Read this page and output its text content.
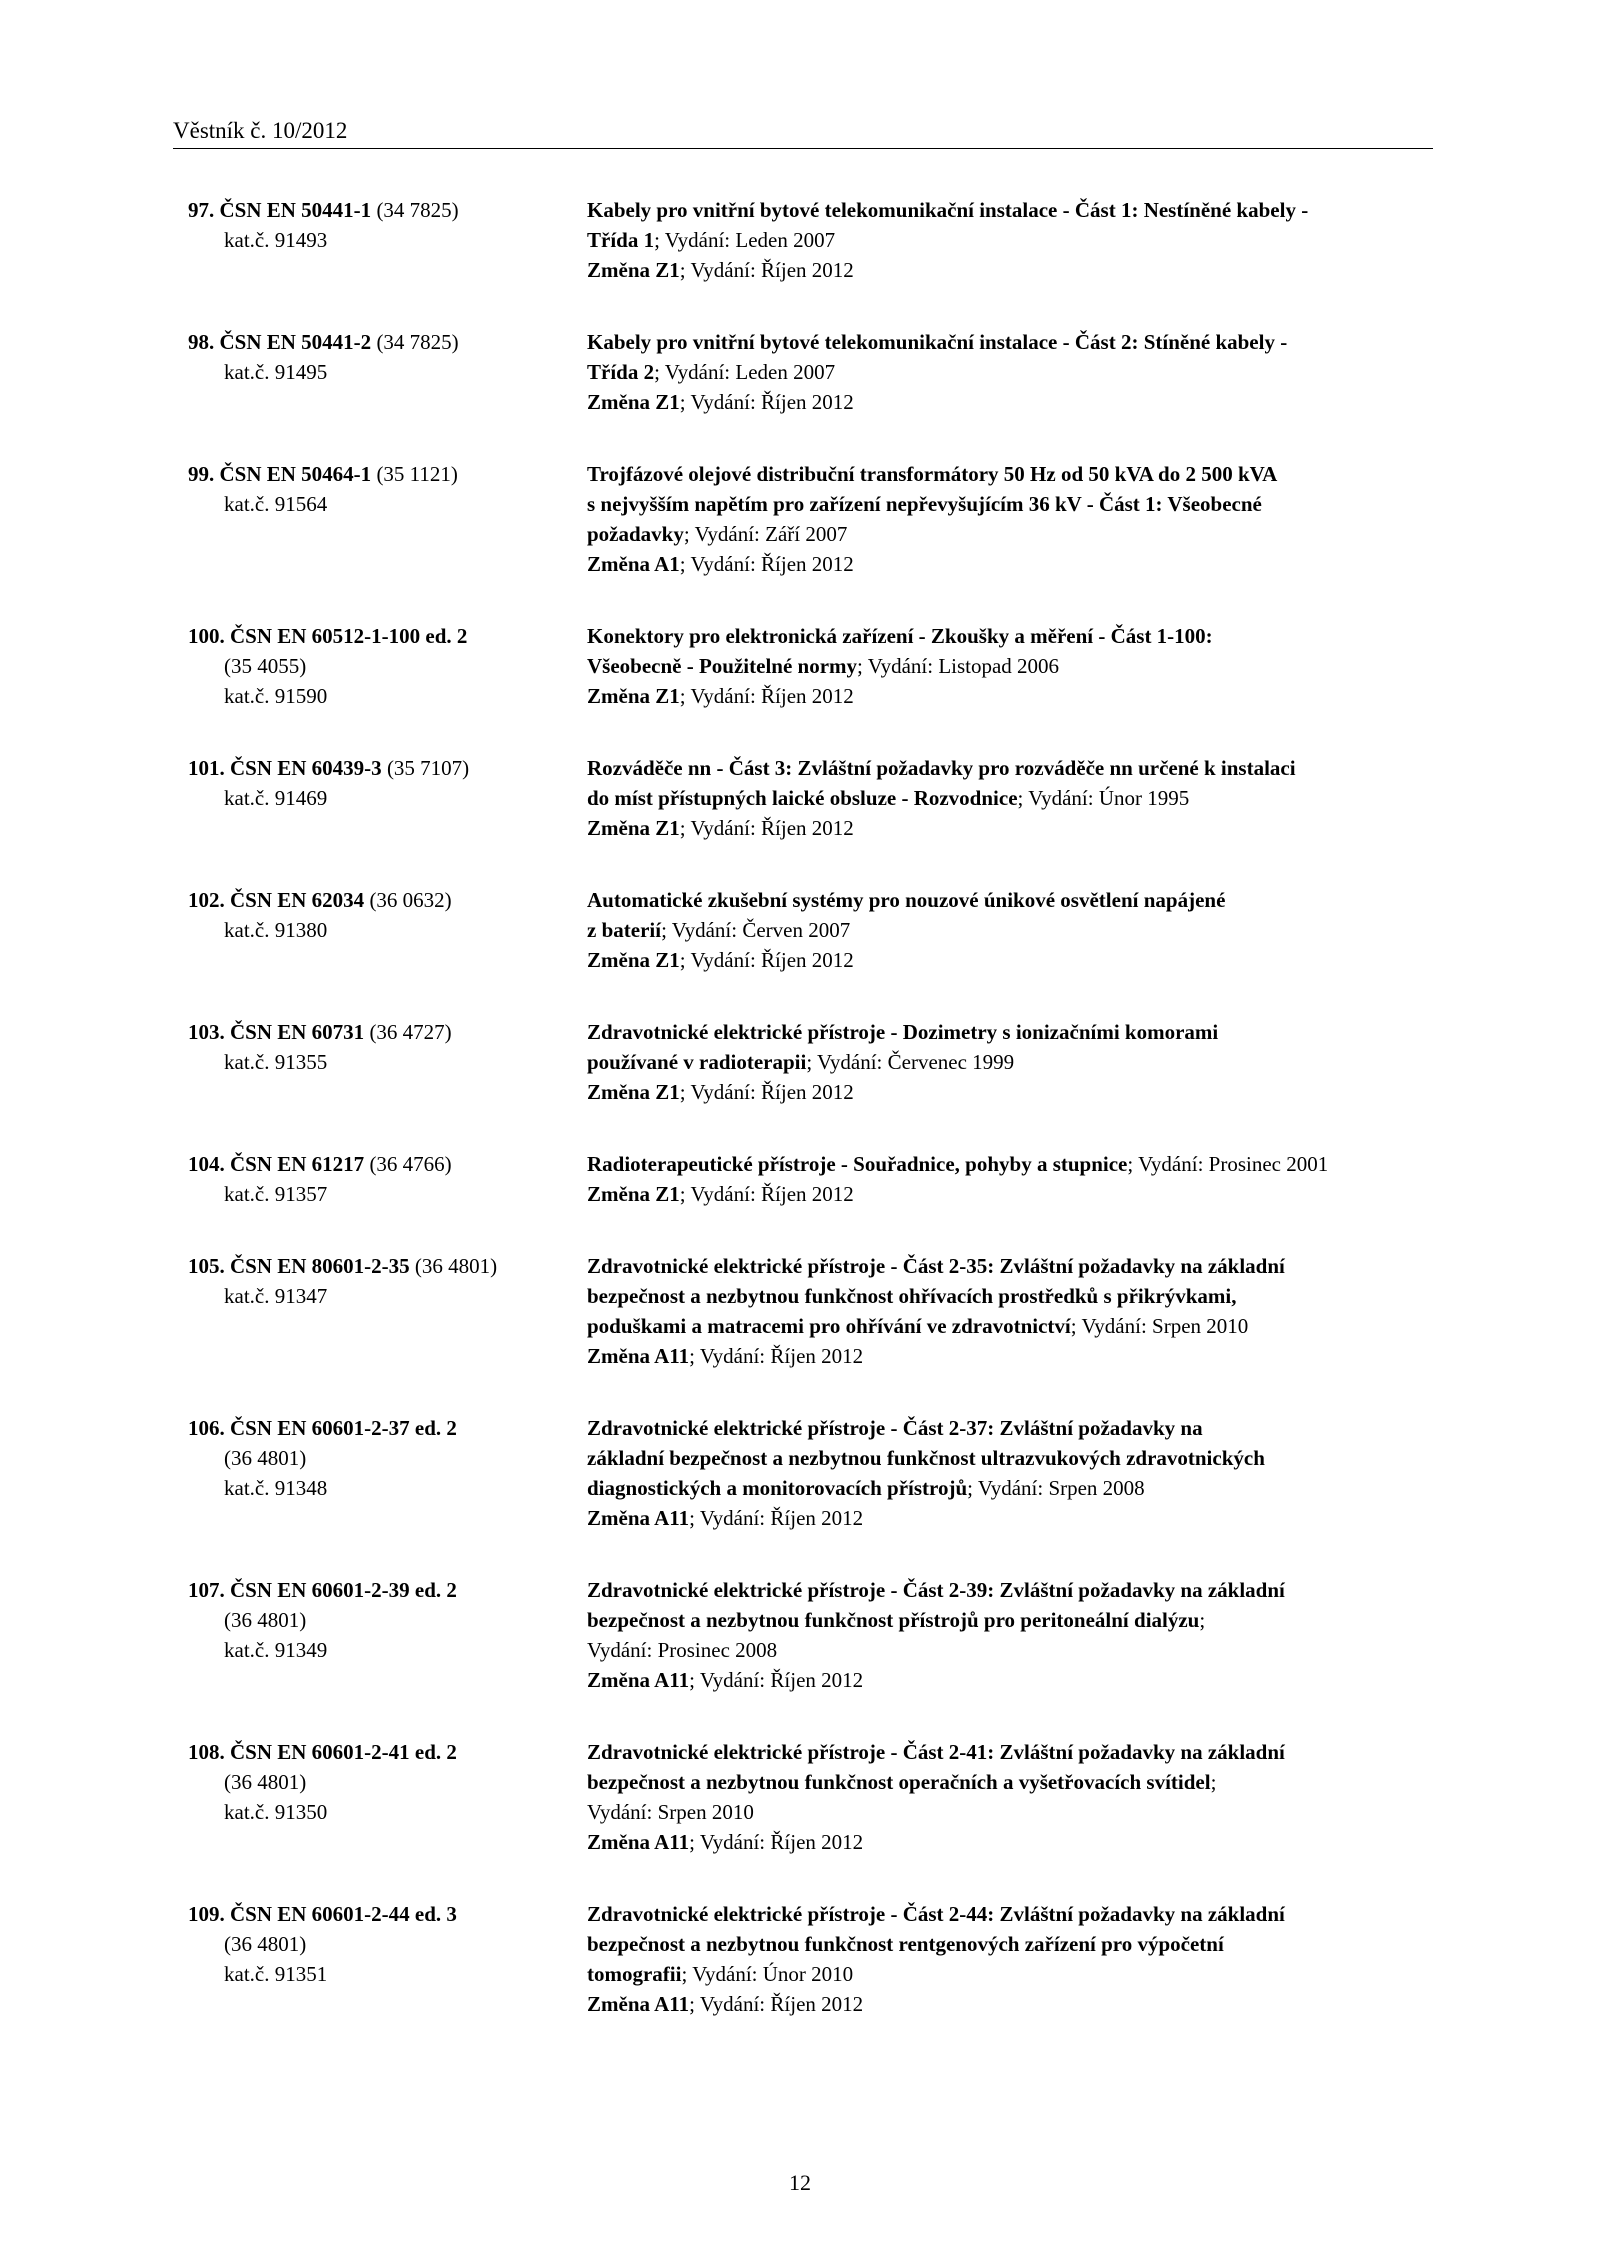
Věstník č. 10/2012
97. ČSN EN 50441-1 (34 7825)
kat.č. 91493
Kabely pro vnitřní bytové telekomunikační instalace - Část 1: Nestíněné kabely -
Třída 1; Vydání: Leden 2007
Změna Z1; Vydání: Říjen 2012
98. ČSN EN 50441-2 (34 7825)
kat.č. 91495
Kabely pro vnitřní bytové telekomunikační instalace - Část 2: Stíněné kabely -
Třída 2; Vydání: Leden 2007
Změna Z1; Vydání: Říjen 2012
99. ČSN EN 50464-1 (35 1121)
kat.č. 91564
Trojfázové olejové distribuční transformátory 50 Hz od 50 kVA do 2 500 kVA
s nejvyšším napětím pro zařízení nepřevyšujícím 36 kV - Část 1: Všeobecné
požadavky; Vydání: Září 2007
Změna A1; Vydání: Říjen 2012
100. ČSN EN 60512-1-100 ed. 2
(35 4055)
kat.č. 91590
Konektory pro elektronická zařízení - Zkoušky a měření - Část 1-100:
Všeobecně - Použitelné normy; Vydání: Listopad 2006
Změna Z1; Vydání: Říjen 2012
101. ČSN EN 60439-3 (35 7107)
kat.č. 91469
Rozváděče nn - Část 3: Zvláštní požadavky pro rozváděče nn určené k instalaci
do míst přístupných laické obsluze - Rozvodnice; Vydání: Únor 1995
Změna Z1; Vydání: Říjen 2012
102. ČSN EN 62034 (36 0632)
kat.č. 91380
Automatické zkušební systémy pro nouzové únikové osvětlení napájené
z baterií; Vydání: Červen 2007
Změna Z1; Vydání: Říjen 2012
103. ČSN EN 60731 (36 4727)
kat.č. 91355
Zdravotnické elektrické přístroje - Dozimetry s ionizačními komorami
používané v radioterapii; Vydání: Červenec 1999
Změna Z1; Vydání: Říjen 2012
104. ČSN EN 61217 (36 4766)
kat.č. 91357
Radioterapeutické přístroje - Souřadnice, pohyby a stupnice; Vydání: Prosinec 2001
Změna Z1; Vydání: Říjen 2012
105. ČSN EN 80601-2-35 (36 4801)
kat.č. 91347
Zdravotnické elektrické přístroje - Část 2-35: Zvláštní požadavky na základní
bezpečnost a nezbytnou funkčnost ohřívacích prostředků s přikrývkami,
poduškami a matracemi pro ohřívání ve zdravotnictví; Vydání: Srpen 2010
Změna A11; Vydání: Říjen 2012
106. ČSN EN 60601-2-37 ed. 2
(36 4801)
kat.č. 91348
Zdravotnické elektrické přístroje - Část 2-37: Zvláštní požadavky na
základní bezpečnost a nezbytnou funkčnost ultrazvukových zdravotnických
diagnostických a monitorovacích přístrojů; Vydání: Srpen 2008
Změna A11; Vydání: Říjen 2012
107. ČSN EN 60601-2-39 ed. 2
(36 4801)
kat.č. 91349
Zdravotnické elektrické přístroje - Část 2-39: Zvláštní požadavky na základní
bezpečnost a nezbytnou funkčnost přístrojů pro peritoneální dialýzu;
Vydání: Prosinec 2008
Změna A11; Vydání: Říjen 2012
108. ČSN EN 60601-2-41 ed. 2
(36 4801)
kat.č. 91350
Zdravotnické elektrické přístroje - Část 2-41: Zvláštní požadavky na základní
bezpečnost a nezbytnou funkčnost operačních a vyšetřovacích svítidel;
Vydání: Srpen 2010
Změna A11; Vydání: Říjen 2012
109. ČSN EN 60601-2-44 ed. 3
(36 4801)
kat.č. 91351
Zdravotnické elektrické přístroje - Část 2-44: Zvláštní požadavky na základní
bezpečnost a nezbytnou funkčnost rentgenových zařízení pro výpočetní
tomografii; Vydání: Únor 2010
Změna A11; Vydání: Říjen 2012
12
